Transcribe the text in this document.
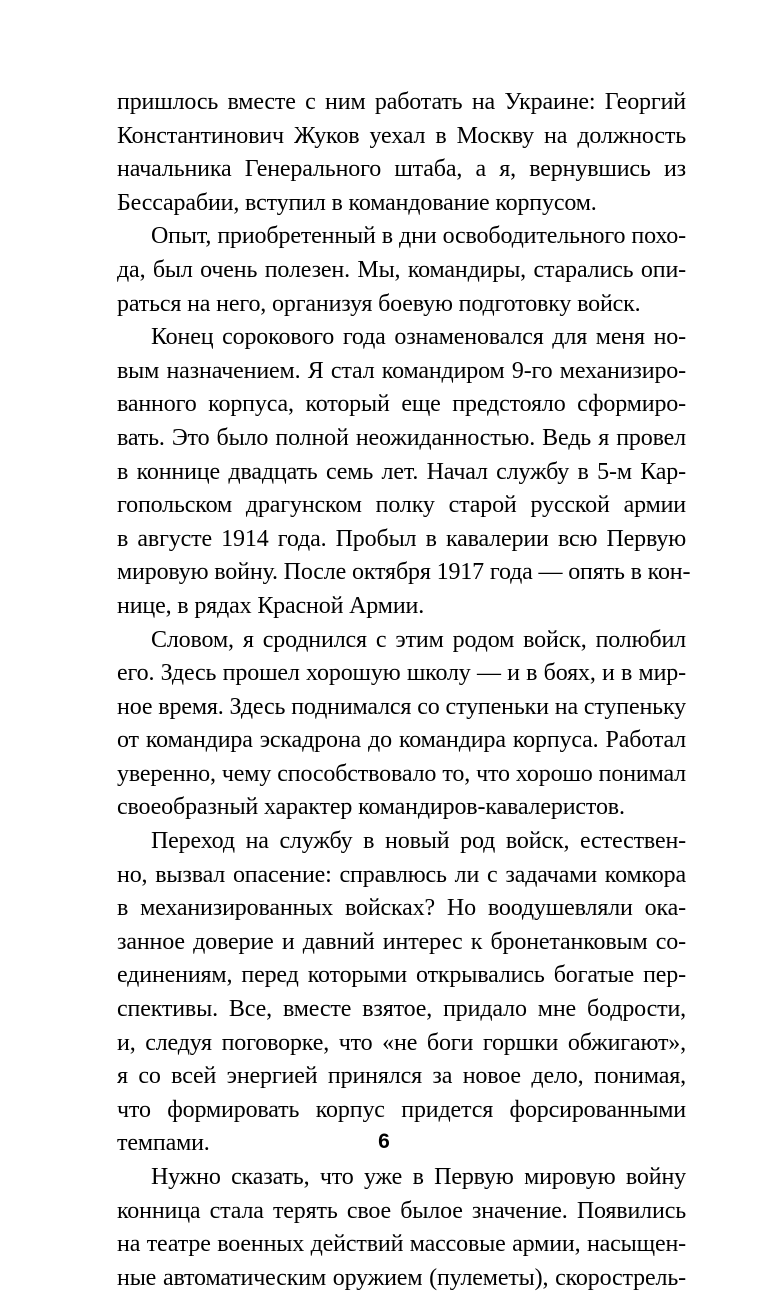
пришлось вместе с ним работать на Украине: Георгий
Константинович Жуков уехал в Москву на должность
начальника Генерального штаба, а я, вернувшись из
Бессарабии, вступил в командование корпусом.
Опыт, приобретенный в дни освободительного похо-
да, был очень полезен. Мы, командиры, старались опи-
раться на него, организуя боевую подготовку войск.
Конец сорокового года ознаменовался для меня но-
вым назначением. Я стал командиром 9-го механизиро-
ванного корпуса, который еще предстояло сформиро-
вать. Это было полной неожиданностью. Ведь я провел
в коннице двадцать семь лет. Начал службу в 5-м Кар-
гопольском драгунском полку старой русской армии
в августе 1914 года. Пробыл в кавалерии всю Первую
мировую войну. После октября 1917 года — опять в кон-
нице, в рядах Красной Армии.
Словом, я сроднился с этим родом войск, полюбил
его. Здесь прошел хорошую школу — и в боях, и в мир-
ное время. Здесь поднимался со ступеньки на ступеньку
от командира эскадрона до командира корпуса. Работал
уверенно, чему способствовало то, что хорошо понимал
своеобразный характер командиров-кавалеристов.
Переход на службу в новый род войск, естествен-
но, вызвал опасение: справлюсь ли с задачами комкора
в механизированных войсках? Но воодушевляли ока-
занное доверие и давний интерес к бронетанковым со-
единениям, перед которыми открывались богатые пер-
спективы. Все, вместе взятое, придало мне бодрости,
и, следуя поговорке, что «не боги горшки обжигают»,
я со всей энергией принялся за новое дело, понимая,
что формировать корпус придется форсированными
темпами.
Нужно сказать, что уже в Первую мировую войну
конница стала терять свое былое значение. Появились
на театре военных действий массовые армии, насыщен-
ные автоматическим оружием (пулеметы), скорострель-
6
